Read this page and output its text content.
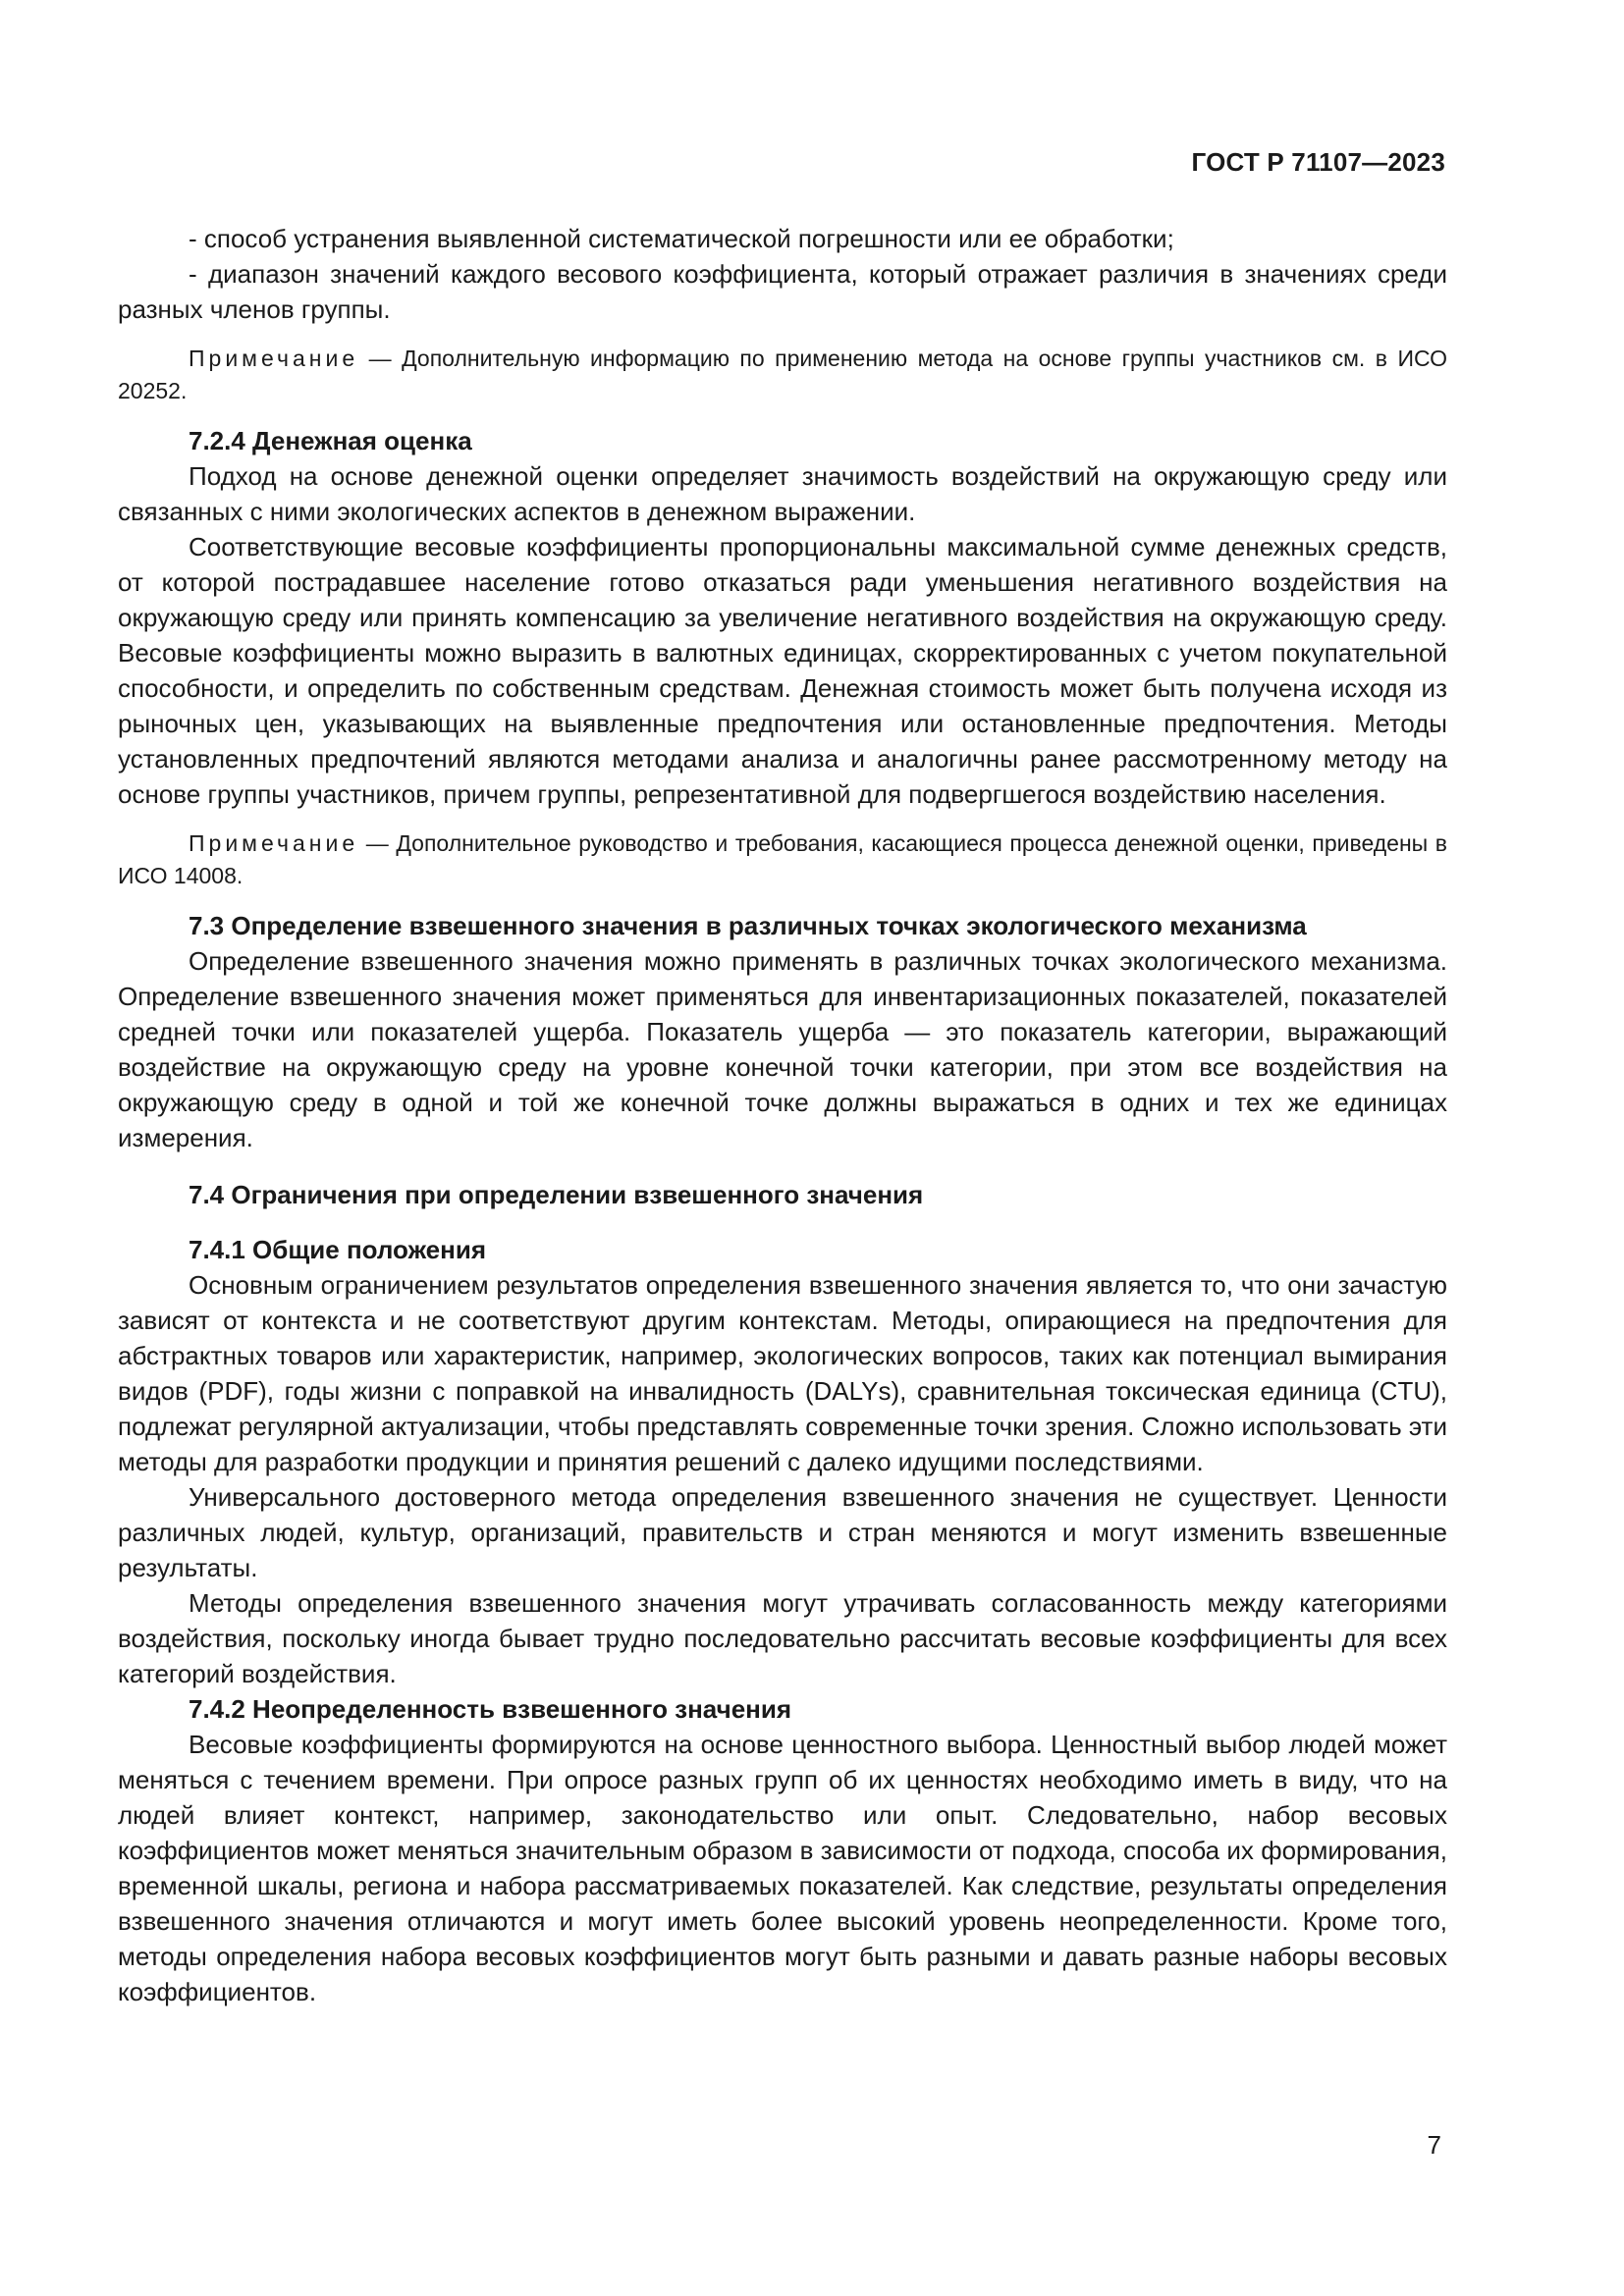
ГОСТ Р 71107—2023

- способ устранения выявленной систематической погрешности или ее обработки;

- диапазон значений каждого весового коэффициента, который отражает различия в значениях среди разных членов группы.

Примечание — Дополнительную информацию по применению метода на основе группы участников см. в ИСО 20252.

7.2.4 Денежная оценка

Подход на основе денежной оценки определяет значимость воздействий на окружающую среду или связанных с ними экологических аспектов в денежном выражении.

Соответствующие весовые коэффициенты пропорциональны максимальной сумме денежных средств, от которой пострадавшее население готово отказаться ради уменьшения негативного воздействия на окружающую среду или принять компенсацию за увеличение негативного воздействия на окружающую среду. Весовые коэффициенты можно выразить в валютных единицах, скорректированных с учетом покупательной способности, и определить по собственным средствам. Денежная стоимость может быть получена исходя из рыночных цен, указывающих на выявленные предпочтения или остановленные предпочтения. Методы установленных предпочтений являются методами анализа и аналогичны ранее рассмотренному методу на основе группы участников, причем группы, репрезентативной для подвергшегося воздействию населения.

Примечание — Дополнительное руководство и требования, касающиеся процесса денежной оценки, приведены в ИСО 14008.

7.3 Определение взвешенного значения в различных точках экологического механизма

Определение взвешенного значения можно применять в различных точках экологического механизма. Определение взвешенного значения может применяться для инвентаризационных показателей, показателей средней точки или показателей ущерба. Показатель ущерба — это показатель категории, выражающий воздействие на окружающую среду на уровне конечной точки категории, при этом все воздействия на окружающую среду в одной и той же конечной точке должны выражаться в одних и тех же единицах измерения.

7.4 Ограничения при определении взвешенного значения

7.4.1 Общие положения

Основным ограничением результатов определения взвешенного значения является то, что они зачастую зависят от контекста и не соответствуют другим контекстам. Методы, опирающиеся на предпочтения для абстрактных товаров или характеристик, например, экологических вопросов, таких как потенциал вымирания видов (PDF), годы жизни с поправкой на инвалидность (DALYs), сравнительная токсическая единица (CTU), подлежат регулярной актуализации, чтобы представлять современные точки зрения. Сложно использовать эти методы для разработки продукции и принятия решений с далеко идущими последствиями.

Универсального достоверного метода определения взвешенного значения не существует. Ценности различных людей, культур, организаций, правительств и стран меняются и могут изменить взвешенные результаты.

Методы определения взвешенного значения могут утрачивать согласованность между категориями воздействия, поскольку иногда бывает трудно последовательно рассчитать весовые коэффициенты для всех категорий воздействия.

7.4.2 Неопределенность взвешенного значения

Весовые коэффициенты формируются на основе ценностного выбора. Ценностный выбор людей может меняться с течением времени. При опросе разных групп об их ценностях необходимо иметь в виду, что на людей влияет контекст, например, законодательство или опыт. Следовательно, набор весовых коэффициентов может меняться значительным образом в зависимости от подхода, способа их формирования, временной шкалы, региона и набора рассматриваемых показателей. Как следствие, результаты определения взвешенного значения отличаются и могут иметь более высокий уровень неопределенности. Кроме того, методы определения набора весовых коэффициентов могут быть разными и давать разные наборы весовых коэффициентов.

7
